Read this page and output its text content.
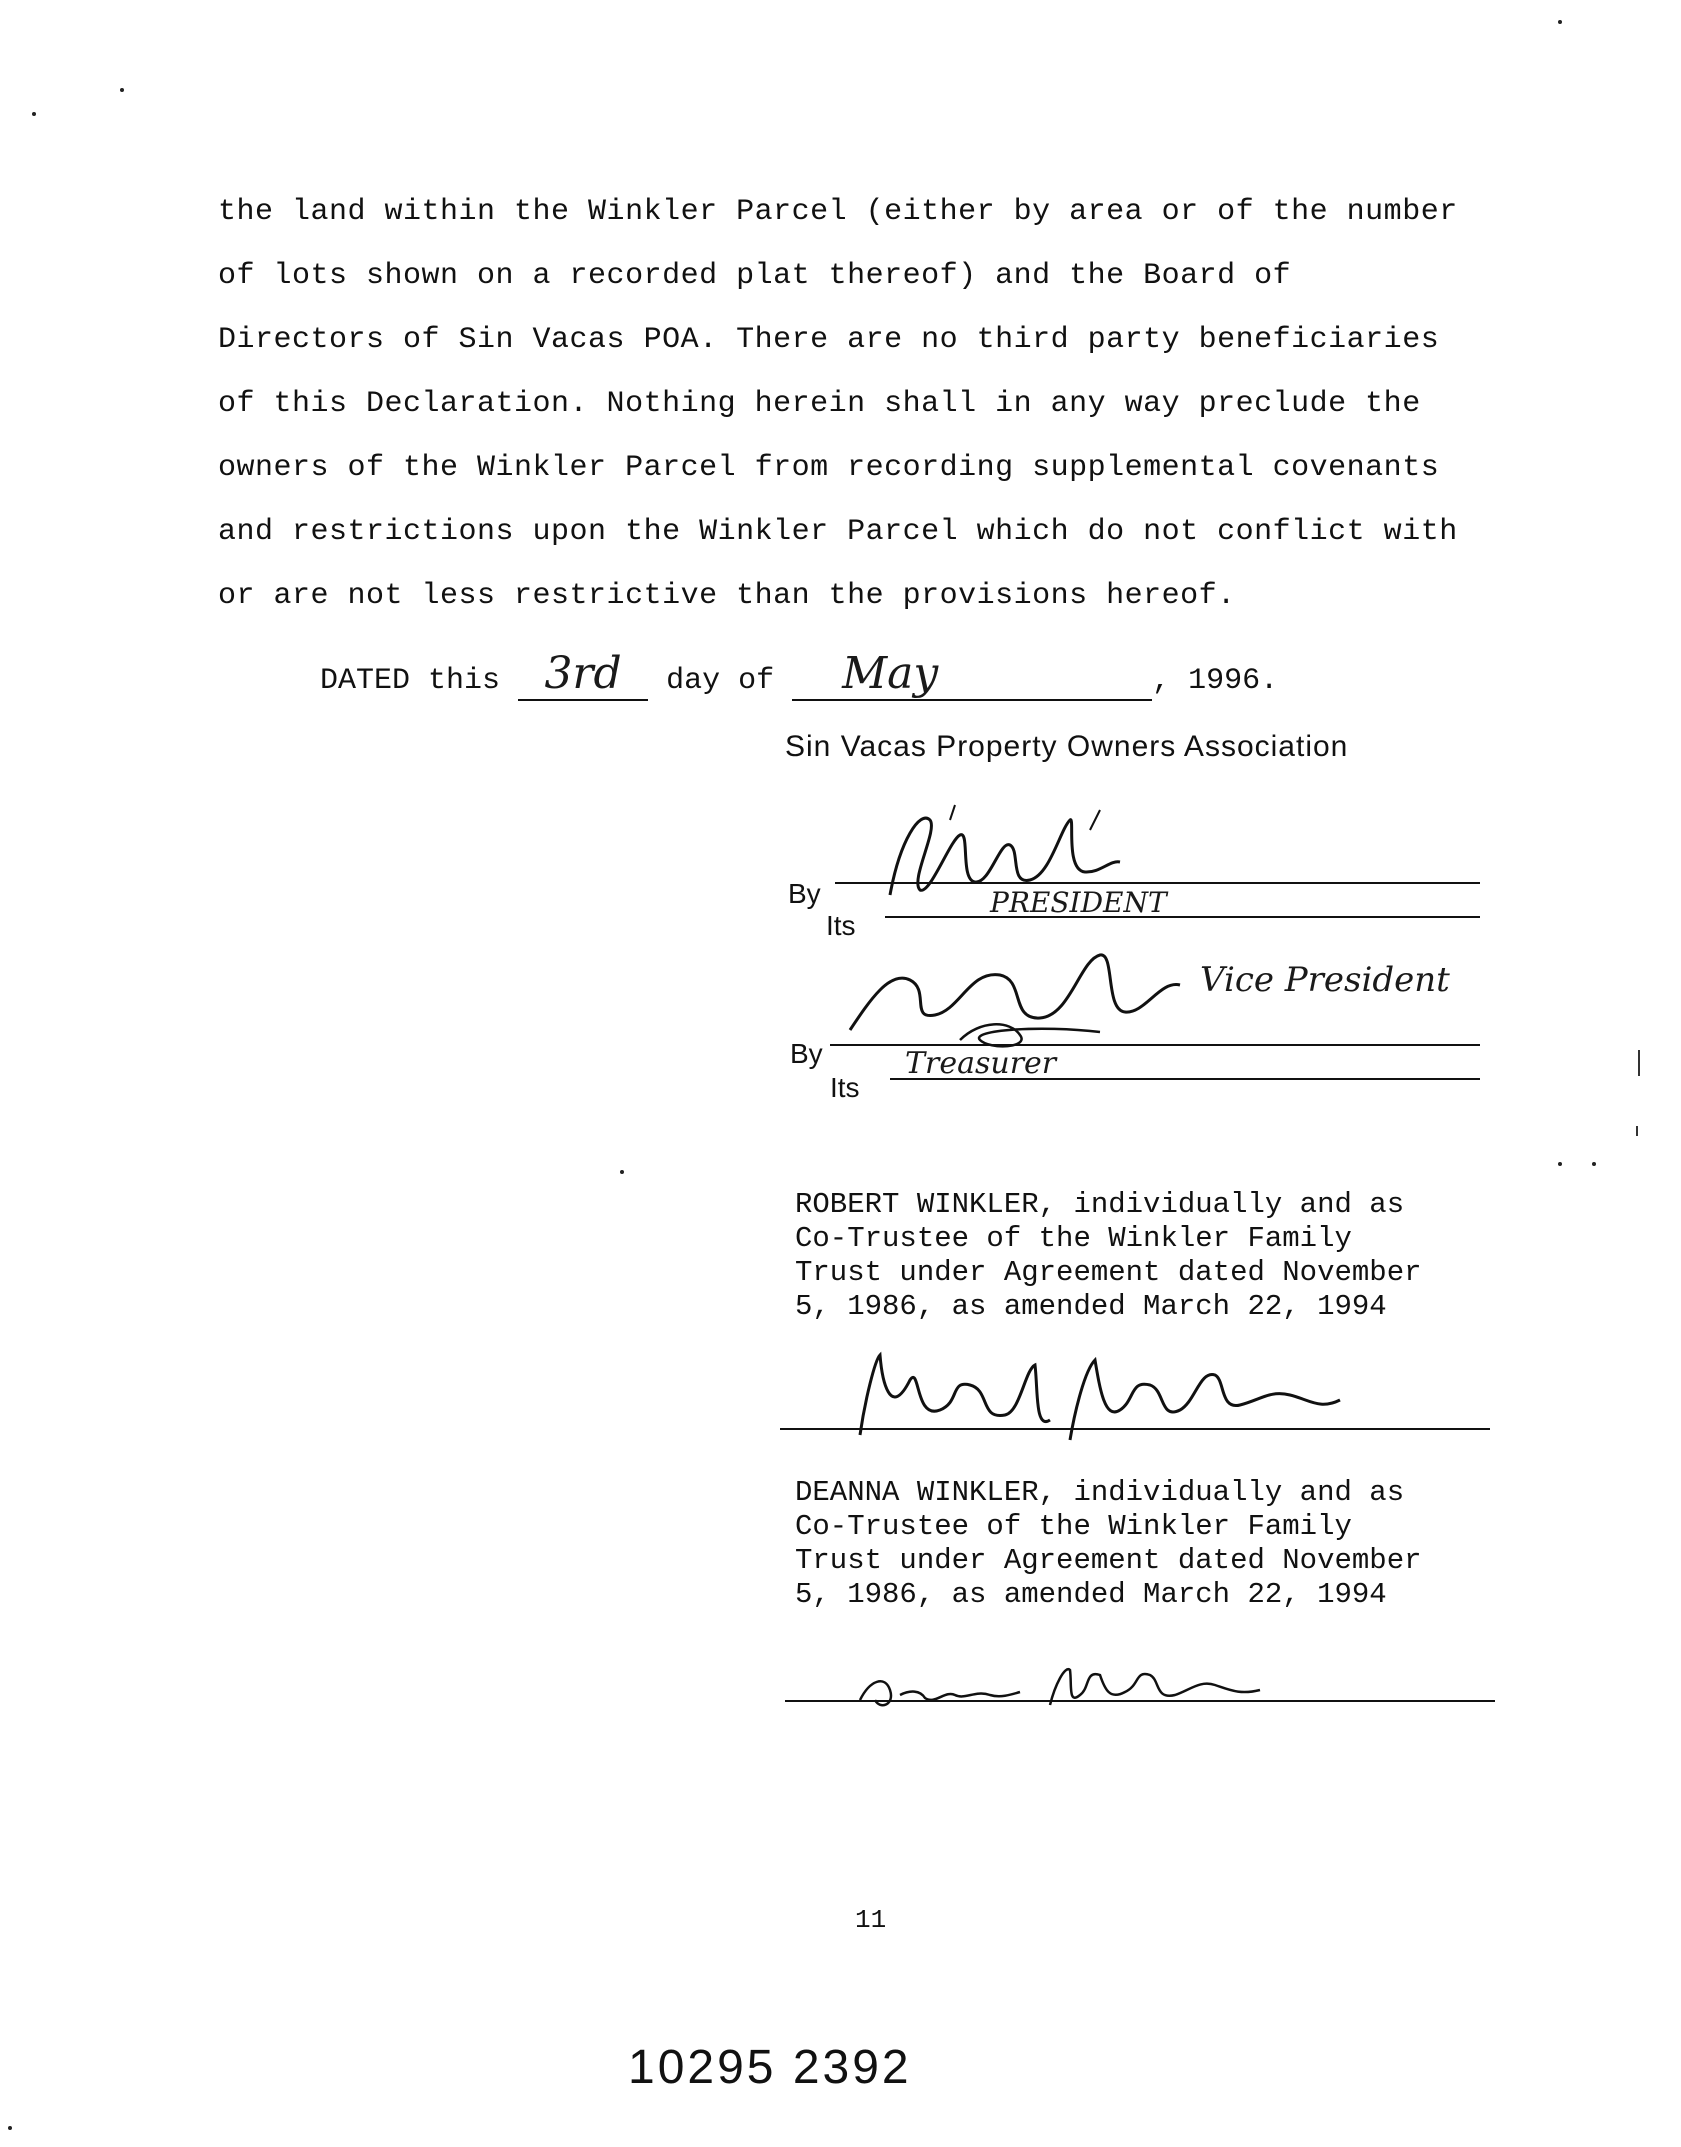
the land within the Winkler Parcel (either by area or of the number
of lots shown on a recorded plat thereof) and the Board of
Directors of Sin Vacas POA. There are no third party beneficiaries
of this Declaration. Nothing herein shall in any way preclude the
owners of the Winkler Parcel from recording supplemental covenants
and restrictions upon the Winkler Parcel which do not conflict with
or are not less restrictive than the provisions hereof.
DATED this 3rd day of May	, 1996.
Sin Vacas Property Owners Association
By
Its
PRESIDENT
Vice President
By
Its
Treasurer
ROBERT WINKLER, individually and as
Co-Trustee of the Winkler Family
Trust under Agreement dated November
5, 1986, as amended March 22, 1994
DEANNA WINKLER, individually and as
Co-Trustee of the Winkler Family
Trust under Agreement dated November
5, 1986, as amended March 22, 1994
11
10295 2392
